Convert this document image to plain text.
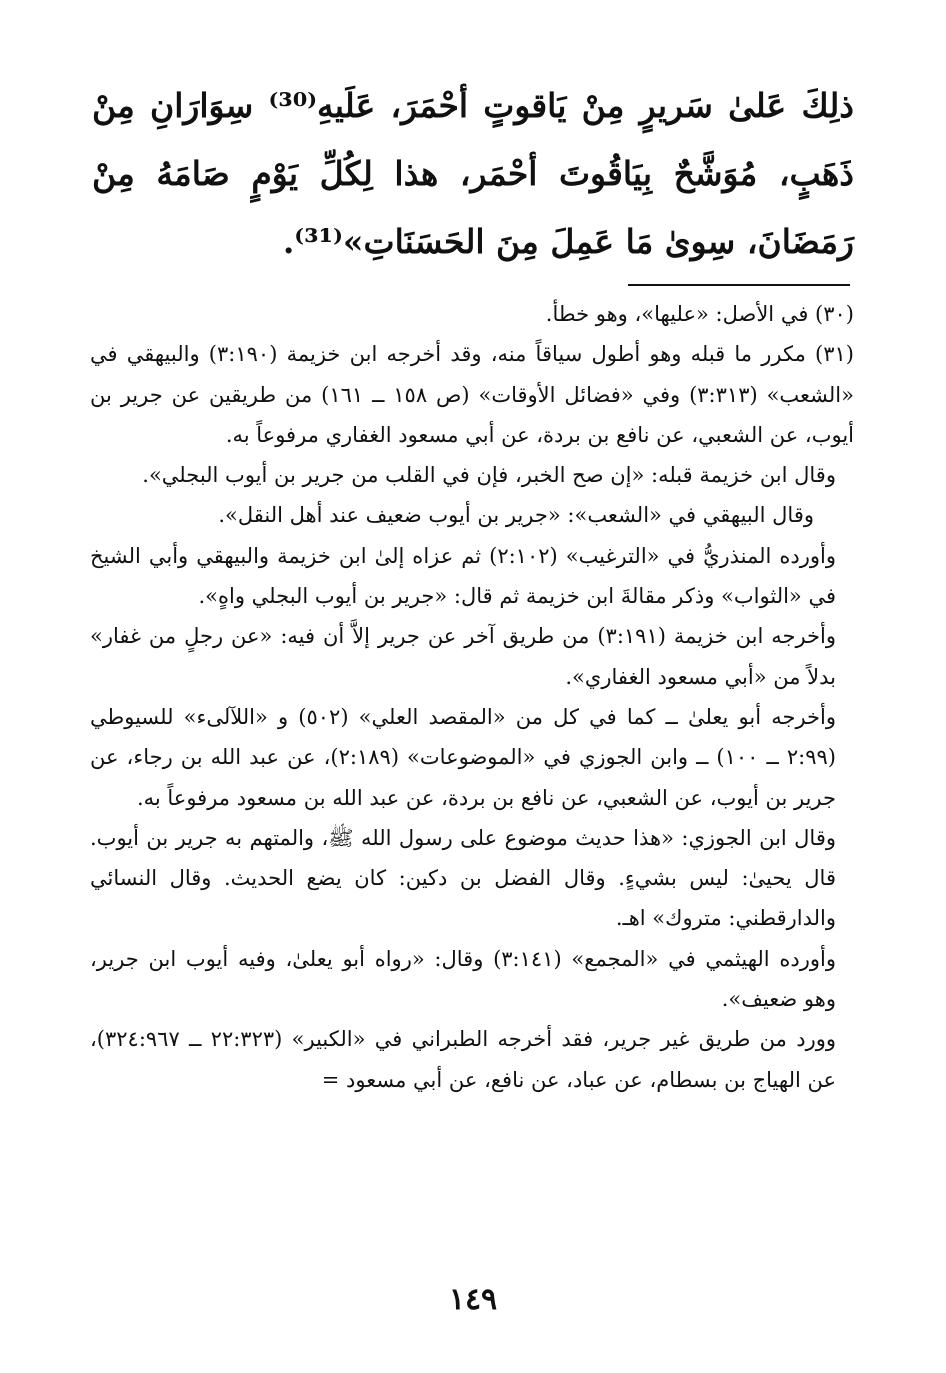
ذلِكَ عَلىٰ سَريرٍ مِنْ يَاقوتٍ أحْمَرَ، عَلَيهِ⁽³⁰⁾ سِوَارَانِ مِنْ ذَهَبٍ، مُوَشَّحٌ بِيَاقُوتَ أحْمَر، هذا لِكُلِّ يَوْمٍ صَامَهُ مِنْ رَمَضَانَ، سِوىٰ مَا عَمِلَ مِنَ الحَسَنَاتِ»⁽³¹⁾.

(٣٠) في الأصل: «عليها»، وهو خطأ.

(٣١) مكرر ما قبله وهو أطول سياقاً منه، وقد أخرجه ابن خزيمة (٣:١٩٠) والبيهقي في «الشعب» (٣:٣١٣) وفي «فضائل الأوقات» (ص ١٥٨ ــ ١٦١) من طريقين عن جرير بن أيوب، عن الشعبي، عن نافع بن بردة، عن أبي مسعود الغفاري مرفوعاً به.

وقال ابن خزيمة قبله: «إن صح الخبر، فإن في القلب من جرير بن أيوب البجلي».

وقال البيهقي في «الشعب»: «جرير بن أيوب ضعيف عند أهل النقل».

وأورده المنذريُّ في «الترغيب» (٢:١٠٢) ثم عزاه إلىٰ ابن خزيمة والبيهقي وأبي الشيخ في «الثواب» وذكر مقالةَ ابن خزيمة ثم قال: «جرير بن أيوب البجلي واهٍ».

وأخرجه ابن خزيمة (٣:١٩١) من طريق آخر عن جرير إلاَّ أن فيه: «عن رجلٍ من غفار» بدلاً من «أبي مسعود الغفاري».

وأخرجه أبو يعلىٰ ــ كما في كل من «المقصد العلي» (٥٠٢) و «اللآلىء» للسيوطي (٢:٩٩ ــ ١٠٠) ــ وابن الجوزي في «الموضوعات» (٢:١٨٩)، عن عبد الله بن رجاء، عن جرير بن أيوب، عن الشعبي، عن نافع بن بردة، عن عبد الله بن مسعود مرفوعاً به.

وقال ابن الجوزي: «هذا حديث موضوع على رسول الله ﷺ، والمتهم به جرير بن أيوب. قال يحيىٰ: ليس بشيءٍ. وقال الفضل بن دكين: كان يضع الحديث. وقال النسائي والدارقطني: متروك» اهـ.

وأورده الهيثمي في «المجمع» (٣:١٤١) وقال: «رواه أبو يعلىٰ، وفيه أيوب ابن جرير، وهو ضعيف».

وورد من طريق غير جرير، فقد أخرجه الطبراني في «الكبير» (٢٢:٣٢٣ ــ ٣٢٤:٩٦٧)، عن الهياج بن بسطام، عن عباد، عن نافع، عن أبي مسعود =

١٤٩
